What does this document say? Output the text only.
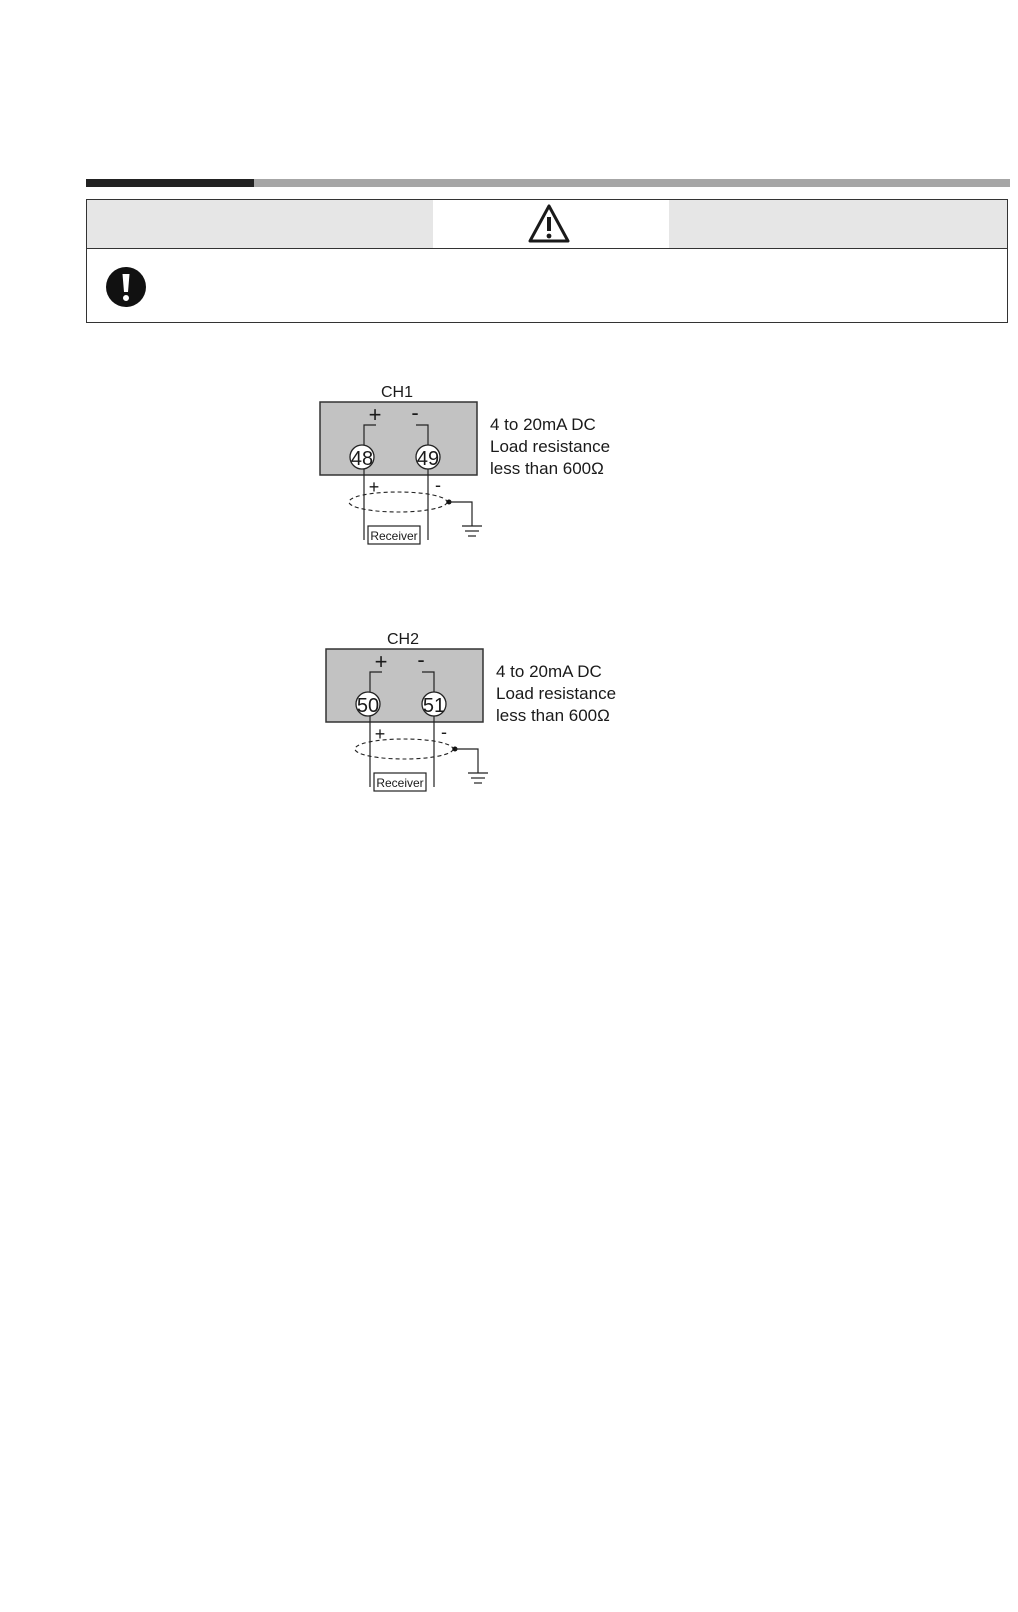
CH1
+ -
48 49
+	-
Receiver
4 to 20mA DC
Load resistance
less than 600Ω
CH2
+ -
50 51
+	-
Receiver
4 to 20mA DC
Load resistance
less than 600Ω
